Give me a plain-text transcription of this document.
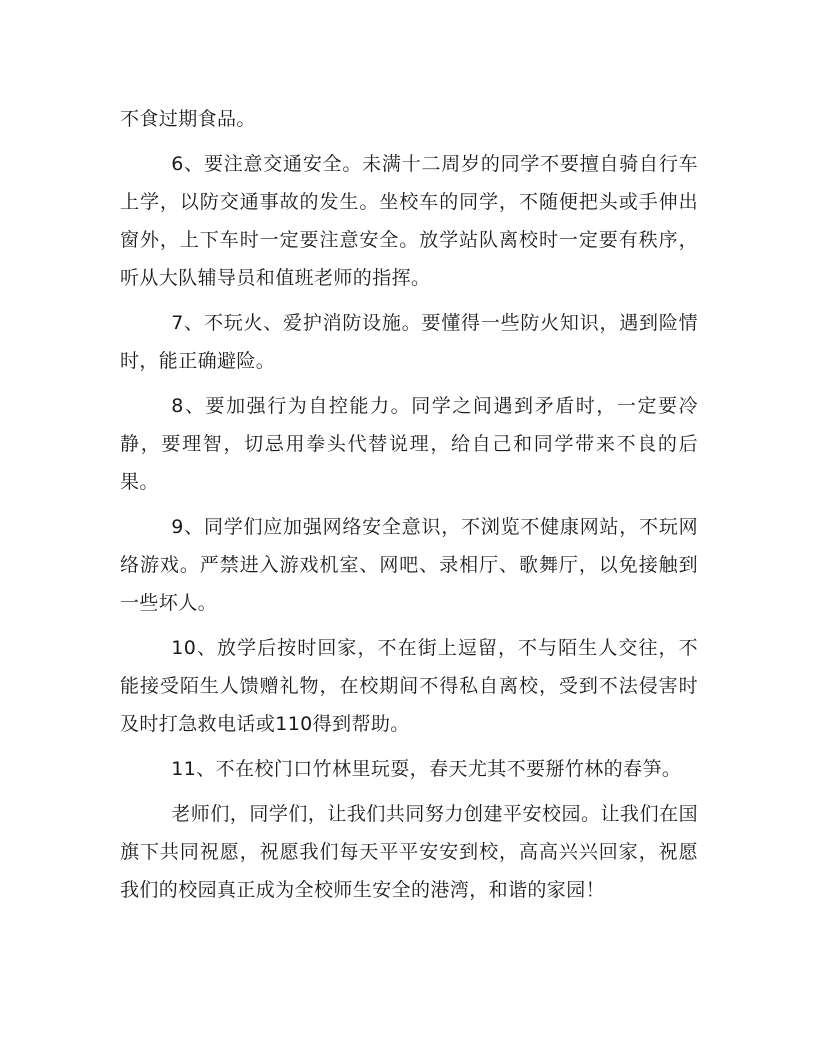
不食过期食品。

6、要注意交通安全。未满十二周岁的同学不要擅自骑自行车上学，以防交通事故的发生。坐校车的同学，不随便把头或手伸出窗外，上下车时一定要注意安全。放学站队离校时一定要有秩序，听从大队辅导员和值班老师的指挥。

7、不玩火、爱护消防设施。要懂得一些防火知识，遇到险情时，能正确避险。

8、要加强行为自控能力。同学之间遇到矛盾时，一定要冷静，要理智，切忌用拳头代替说理，给自己和同学带来不良的后果。

9、同学们应加强网络安全意识，不浏览不健康网站，不玩网络游戏。严禁进入游戏机室、网吧、录相厅、歌舞厅，以免接触到一些坏人。

10、放学后按时回家，不在街上逗留，不与陌生人交往，不能接受陌生人馈赠礼物，在校期间不得私自离校，受到不法侵害时及时打急救电话或110得到帮助。

11、不在校门口竹林里玩耍，春天尤其不要掰竹林的春笋。

老师们，同学们，让我们共同努力创建平安校园。让我们在国旗下共同祝愿，祝愿我们每天平平安安到校，高高兴兴回家，祝愿我们的校园真正成为全校师生安全的港湾，和谐的家园！
